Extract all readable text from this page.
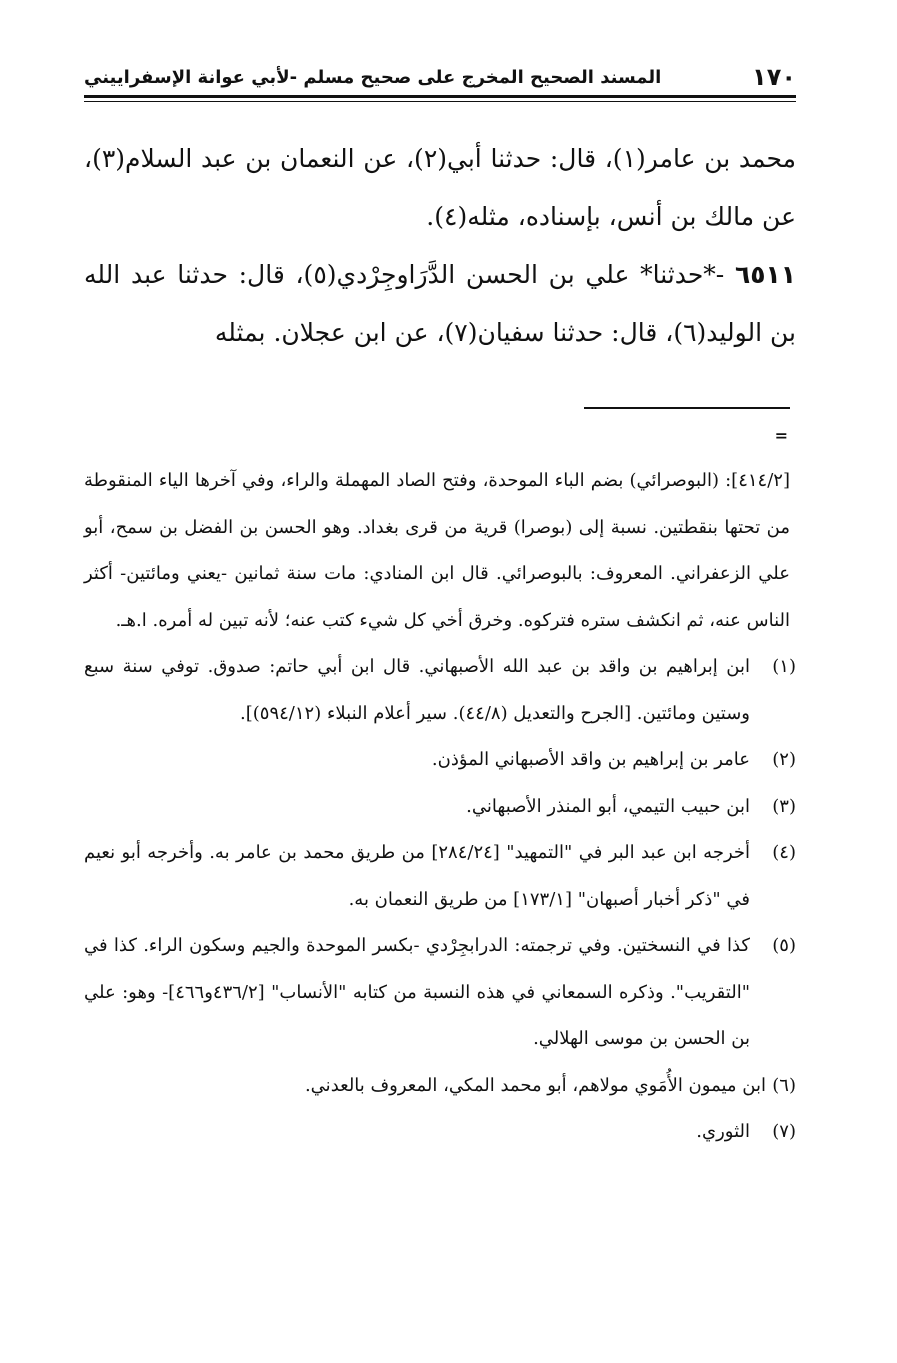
١٧٠
المسند الصحيح المخرج على صحيح مسلم -لأبي عوانة الإسفراييني

محمد بن عامر(١)، قال: حدثنا أبي(٢)، عن النعمان بن عبد السلام(٣)، عن مالك بن أنس، بإسناده، مثله(٤).

٦٥١١ -*حدثنا* علي بن الحسن الدَّرَاوجِرْدي(٥)، قال: حدثنا عبد الله بن الوليد(٦)، قال: حدثنا سفيان(٧)، عن ابن عجلان. بمثله

=
[٤١٤/٢]: (البوصرائي) بضم الباء الموحدة، وفتح الصاد المهملة والراء، وفي آخرها الياء المنقوطة من تحتها بنقطتين. نسبة إلى (بوصرا) قرية من قرى بغداد. وهو الحسن بن الفضل بن سمح، أبو علي الزعفراني. المعروف: بالبوصرائي. قال ابن المنادي: مات سنة ثمانين -يعني ومائتين- أكثر الناس عنه، ثم انكشف ستره فتركوه. وخرق أخي كل شيء كتب عنه؛ لأنه تبين له أمره. ا.هـ.
(١)
ابن إبراهيم بن واقد بن عبد الله الأصبهاني. قال ابن أبي حاتم: صدوق. توفي سنة سبع وستين ومائتين. [الجرح والتعديل (٤٤/٨). سير أعلام النبلاء (٥٩٤/١٢)].
(٢)
عامر بن إبراهيم بن واقد الأصبهاني المؤذن.
(٣)
ابن حبيب التيمي، أبو المنذر الأصبهاني.
(٤)
أخرجه ابن عبد البر في "التمهيد" [٢٨٤/٢٤] من طريق محمد بن عامر به. وأخرجه أبو نعيم في "ذكر أخبار أصبهان" [١٧٣/١] من طريق النعمان به.
(٥)
كذا في النسختين. وفي ترجمته: الدرابجِرْدي -بكسر الموحدة والجيم وسكون الراء. كذا في "التقريب". وذكره السمعاني في هذه النسبة من كتابه "الأنساب" [٤٣٦/٢و٤٦٦]- وهو: علي بن الحسن بن موسى الهلالي.
(٦)
ابن ميمون الأُمَوي مولاهم، أبو محمد المكي، المعروف بالعدني.
(٧)
الثوري.
